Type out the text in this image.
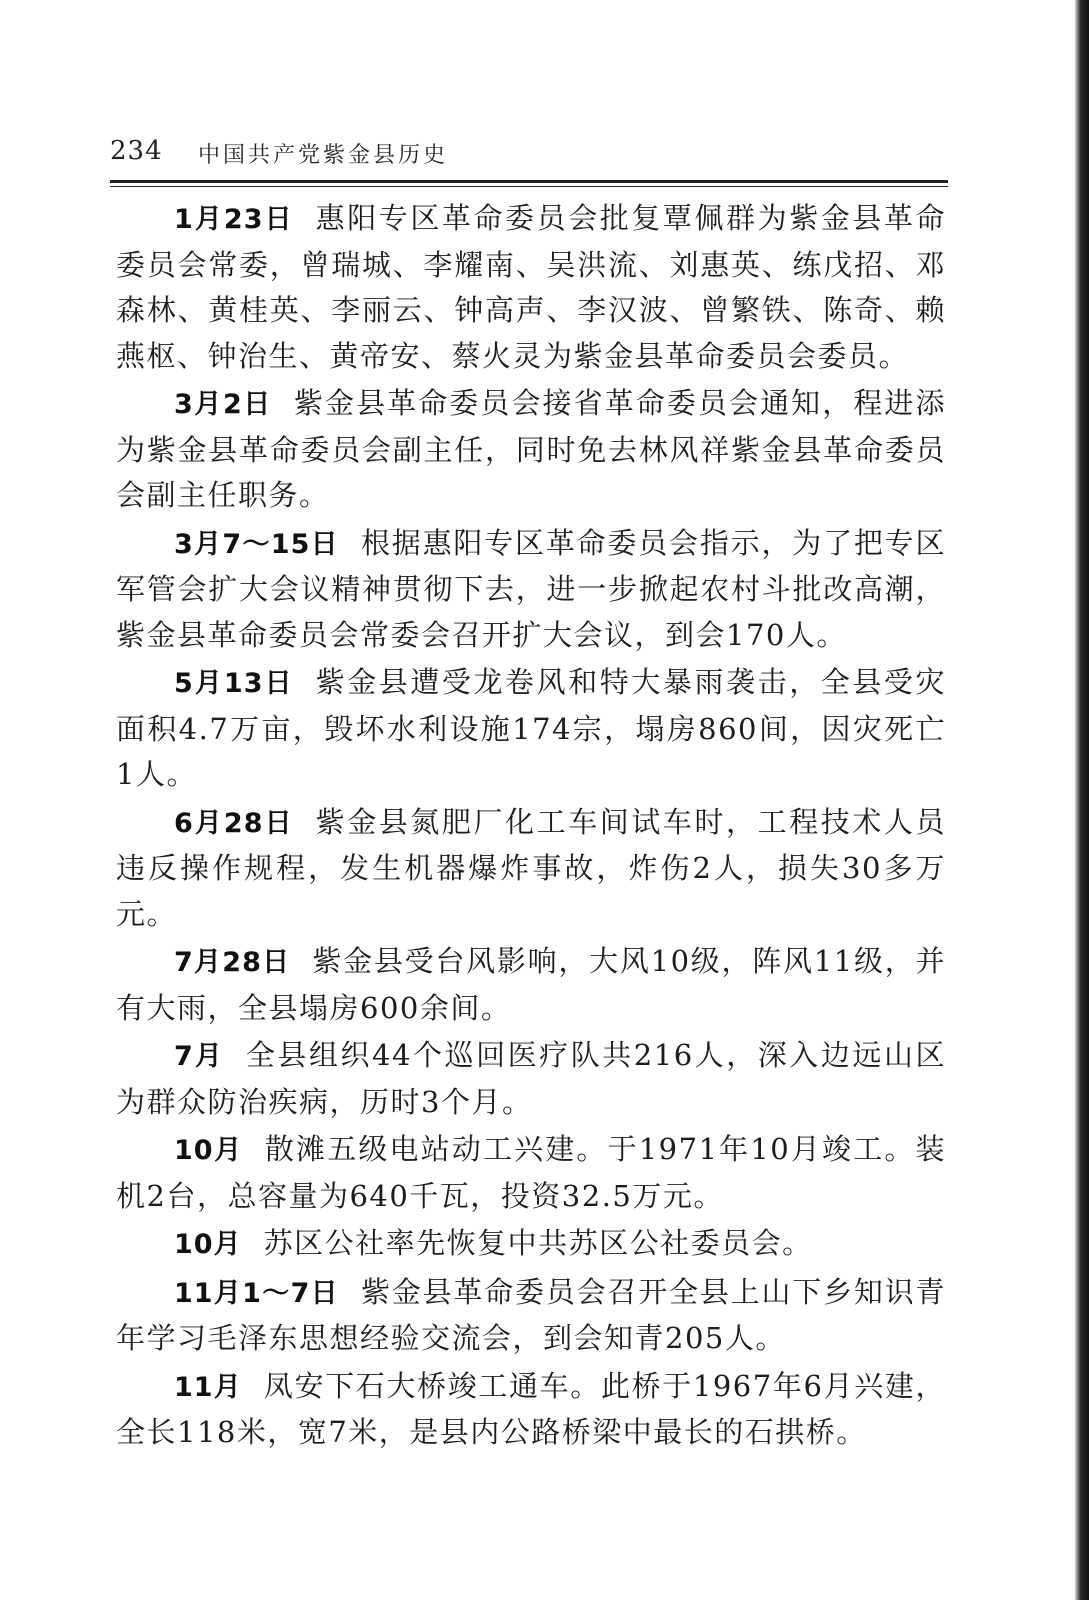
234 中国共产党紫金县历史

1月23日 惠阳专区革命委员会批复覃佩群为紫金县革命委员会常委，曾瑞城、李耀南、吴洪流、刘惠英、练戊招、邓森林、黄桂英、李丽云、钟高声、李汉波、曾繁铁、陈奇、赖燕枢、钟治生、黄帝安、蔡火灵为紫金县革命委员会委员。

3月2日 紫金县革命委员会接省革命委员会通知，程进添为紫金县革命委员会副主任，同时免去林风祥紫金县革命委员会副主任职务。

3月7～15日 根据惠阳专区革命委员会指示，为了把专区军管会扩大会议精神贯彻下去，进一步掀起农村斗批改高潮，紫金县革命委员会常委会召开扩大会议，到会170人。

5月13日 紫金县遭受龙卷风和特大暴雨袭击，全县受灾面积4.7万亩，毁坏水利设施174宗，塌房860间，因灾死亡1人。

6月28日 紫金县氮肥厂化工车间试车时，工程技术人员违反操作规程，发生机器爆炸事故，炸伤2人，损失30多万元。

7月28日 紫金县受台风影响，大风10级，阵风11级，并有大雨，全县塌房600余间。

7月 全县组织44个巡回医疗队共216人，深入边远山区为群众防治疾病，历时3个月。

10月 散滩五级电站动工兴建。于1971年10月竣工。装机2台，总容量为640千瓦，投资32.5万元。

10月 苏区公社率先恢复中共苏区公社委员会。

11月1～7日 紫金县革命委员会召开全县上山下乡知识青年学习毛泽东思想经验交流会，到会知青205人。

11月 凤安下石大桥竣工通车。此桥于1967年6月兴建，全长118米，宽7米，是县内公路桥梁中最长的石拱桥。
